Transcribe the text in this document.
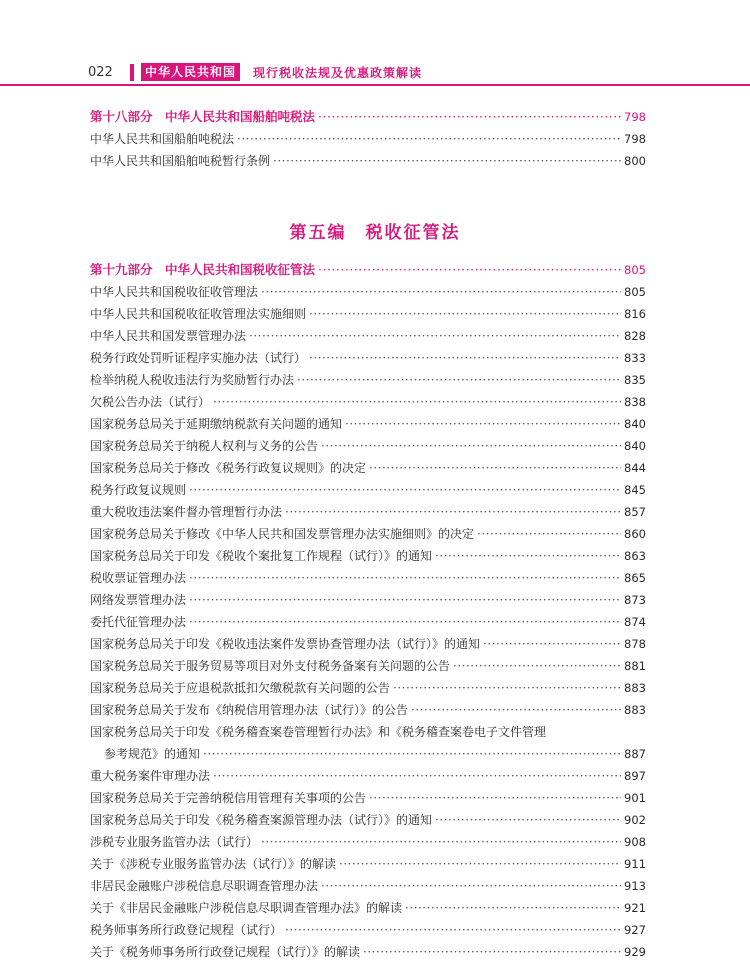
022	中华人民共和国	现行税收法规及优惠政策解读
第十八部分　中华人民共和国船舶吨税法 ·····	798
中华人民共和国船舶吨税法 ·····	798
中华人民共和国船舶吨税暂行条例 ·····	800
第五编　税收征管法
第十九部分　中华人民共和国税收征管法 ·····	805
中华人民共和国税收征收管理法 ·····	805
中华人民共和国税收征收管理法实施细则 ·····	816
中华人民共和国发票管理办法 ·····	828
税务行政处罚听证程序实施办法（试行） ·····	833
检举纳税人税收违法行为奖励暂行办法 ·····	835
欠税公告办法（试行） ·····	838
国家税务总局关于延期缴纳税款有关问题的通知 ·····	840
国家税务总局关于纳税人权利与义务的公告 ·····	840
国家税务总局关于修改《税务行政复议规则》的决定 ·····	844
税务行政复议规则 ·····	845
重大税收违法案件督办管理暂行办法 ·····	857
国家税务总局关于修改《中华人民共和国发票管理办法实施细则》的决定 ·····	860
国家税务总局关于印发《税收个案批复工作规程（试行）》的通知 ·····	863
税收票证管理办法 ·····	865
网络发票管理办法 ·····	873
委托代征管理办法 ·····	874
国家税务总局关于印发《税收违法案件发票协查管理办法（试行）》的通知 ·····	878
国家税务总局关于服务贸易等项目对外支付税务备案有关问题的公告 ·····	881
国家税务总局关于应退税款抵扣欠缴税款有关问题的公告 ·····	883
国家税务总局关于发布《纳税信用管理办法（试行）》的公告 ·····	883
国家税务总局关于印发《税务稽查案卷管理暂行办法》和《税务稽查案卷电子文件管理
参考规范》的通知 ·····	887
重大税务案件审理办法 ·····	897
国家税务总局关于完善纳税信用管理有关事项的公告 ·····	901
国家税务总局关于印发《税务稽查案源管理办法（试行）》的通知 ·····	902
涉税专业服务监管办法（试行） ·····	908
关于《涉税专业服务监管办法（试行）》的解读 ·····	911
非居民金融账户涉税信息尽职调查管理办法 ·····	913
关于《非居民金融账户涉税信息尽职调查管理办法》的解读 ·····	921
税务师事务所行政登记规程（试行） ·····	927
关于《税务师事务所行政登记规程（试行）》的解读 ·····	929
